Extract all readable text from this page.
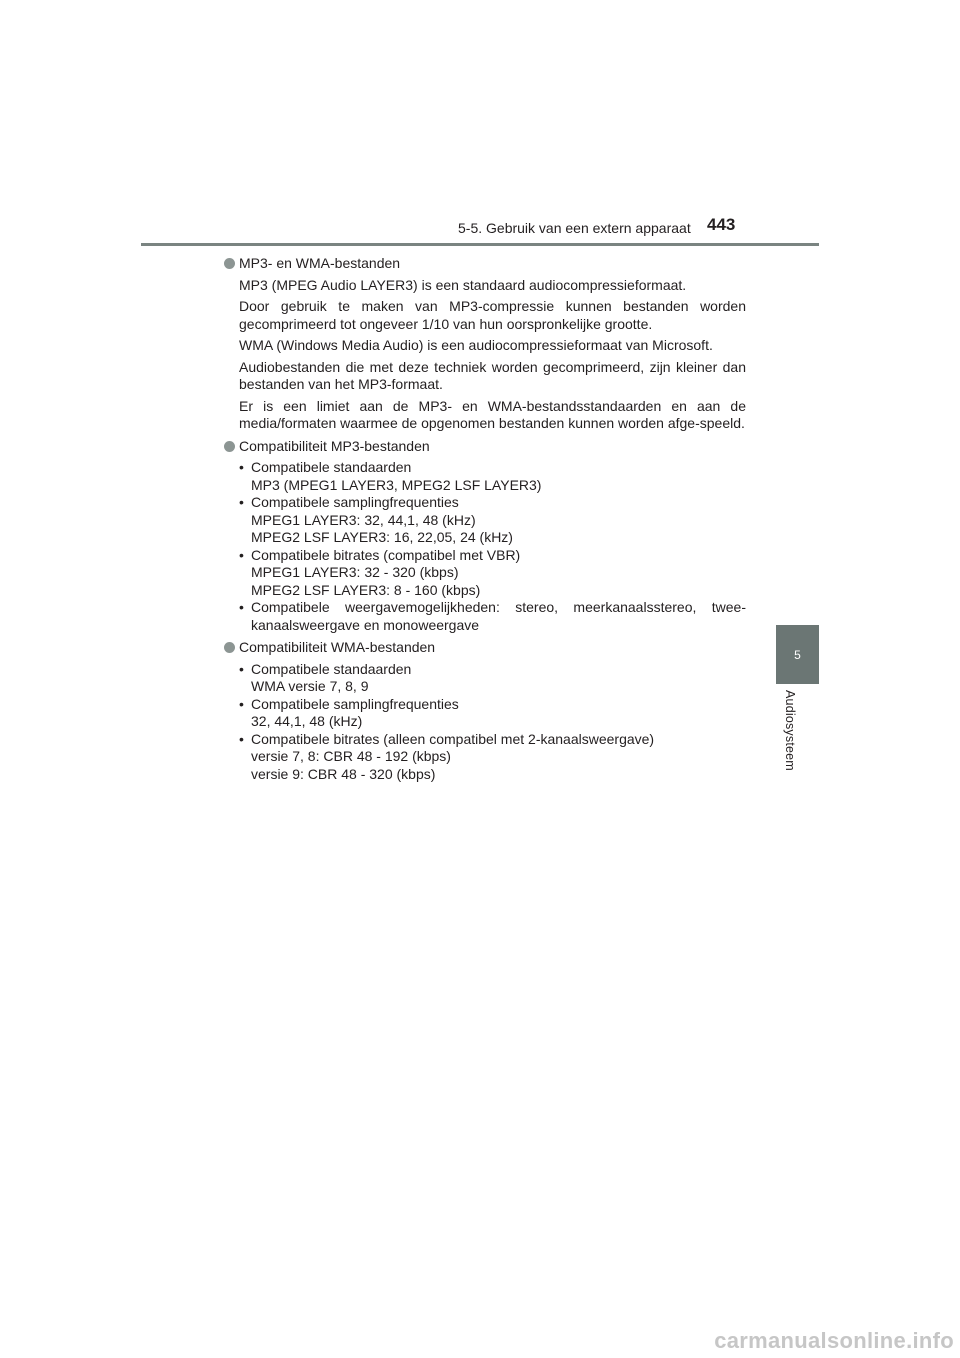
5-5. Gebruik van een extern apparaat 443
5
Audiosysteem
MP3- en WMA-bestanden

MP3 (MPEG Audio LAYER3) is een standaard audiocompressieformaat.

Door gebruik te maken van MP3-compressie kunnen bestanden worden gecomprimeerd tot ongeveer 1/10 van hun oorspronkelijke grootte.

WMA (Windows Media Audio) is een audiocompressieformaat van Microsoft.

Audiobestanden die met deze techniek worden gecomprimeerd, zijn kleiner dan bestanden van het MP3-formaat.

Er is een limiet aan de MP3- en WMA-bestandsstandaarden en aan de media/formaten waarmee de opgenomen bestanden kunnen worden afge-speeld.

Compatibiliteit MP3-bestanden
• Compatibele standaarden
MP3 (MPEG1 LAYER3, MPEG2 LSF LAYER3)
• Compatibele samplingfrequenties
MPEG1 LAYER3: 32, 44,1, 48 (kHz)
MPEG2 LSF LAYER3: 16, 22,05, 24 (kHz)
• Compatibele bitrates (compatibel met VBR)
MPEG1 LAYER3: 32 - 320 (kbps)
MPEG2 LSF LAYER3: 8 - 160 (kbps)
• Compatibele weergavemogelijkheden: stereo, meerkanaalsstereo, twee-kanaalsweergave en monoweergave
Compatibiliteit WMA-bestanden
• Compatibele standaarden
WMA versie 7, 8, 9
• Compatibele samplingfrequenties
32, 44,1, 48 (kHz)
• Compatibele bitrates (alleen compatibel met 2-kanaalsweergave)
versie 7, 8: CBR 48 - 192 (kbps)
versie 9: CBR 48 - 320 (kbps)
carmanualsonline.info
